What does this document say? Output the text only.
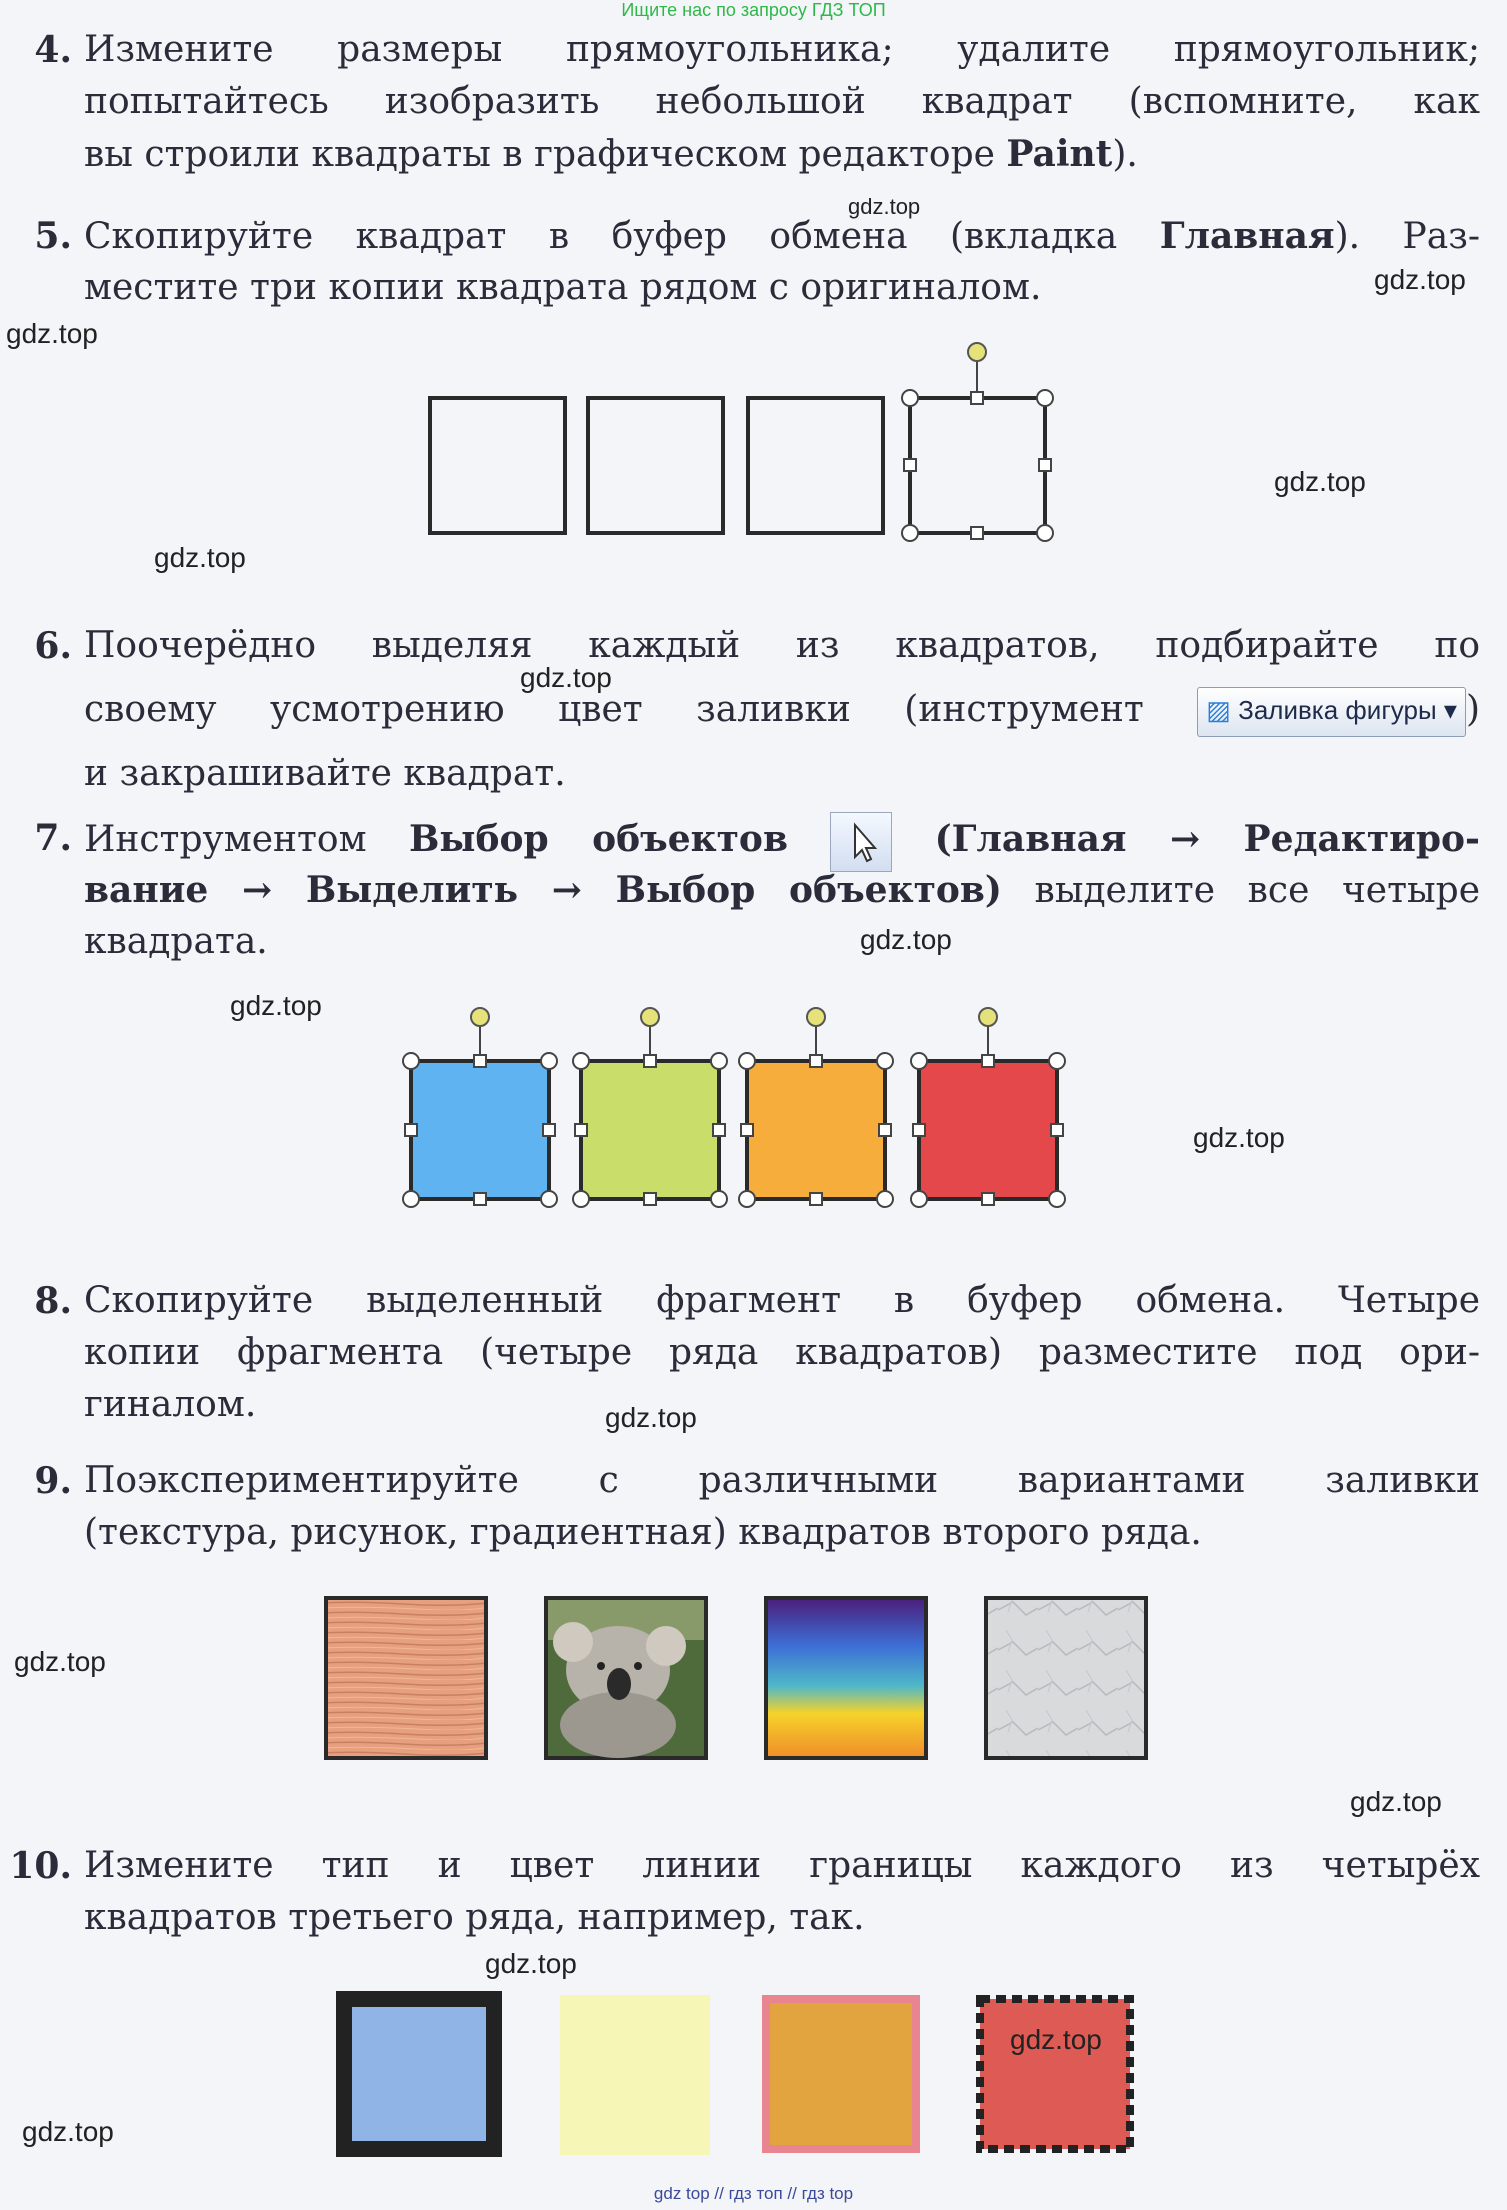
Ищите нас по запросу ГДЗ ТОП
4. Измените размеры прямоугольника; удалите прямоугольник;
попытайтесь изобразить небольшой квадрат (вспомните, как
вы строили квадраты в графическом редакторе Paint).
5. Скопируйте квадрат в буфер обмена (вкладка Главная). Раз-
местите три копии квадрата рядом с оригиналом.
6. Поочерёдно выделяя каждый из квадратов, подбирайте по
своему усмотрению цвет заливки (инструмент ▨ Заливка фигуры ▾ )
и закрашивайте квадрат.
7. Инструментом Выбор объектов	(Главная → Редактиро-
вание → Выделить → Выбор объектов) выделите все четыре
квадрата.
8. Скопируйте выделенный фрагмент в буфер обмена. Четыре
копии фрагмента (четыре ряда квадратов) разместите под ори-
гиналом.
9. Поэкспериментируйте с различными вариантами заливки
(текстура, рисунок, градиентная) квадратов второго ряда.
10. Измените тип и цвет линии границы каждого из четырёх
квадратов третьего ряда, например, так.
gdz.top
gdz.top
gdz.top
gdz.top
gdz.top
gdz.top
gdz.top
gdz.top
gdz.top
gdz.top
gdz.top
gdz.top
gdz.top
gdz.top
gdz.top
gdz top // гдз топ // гдз top
